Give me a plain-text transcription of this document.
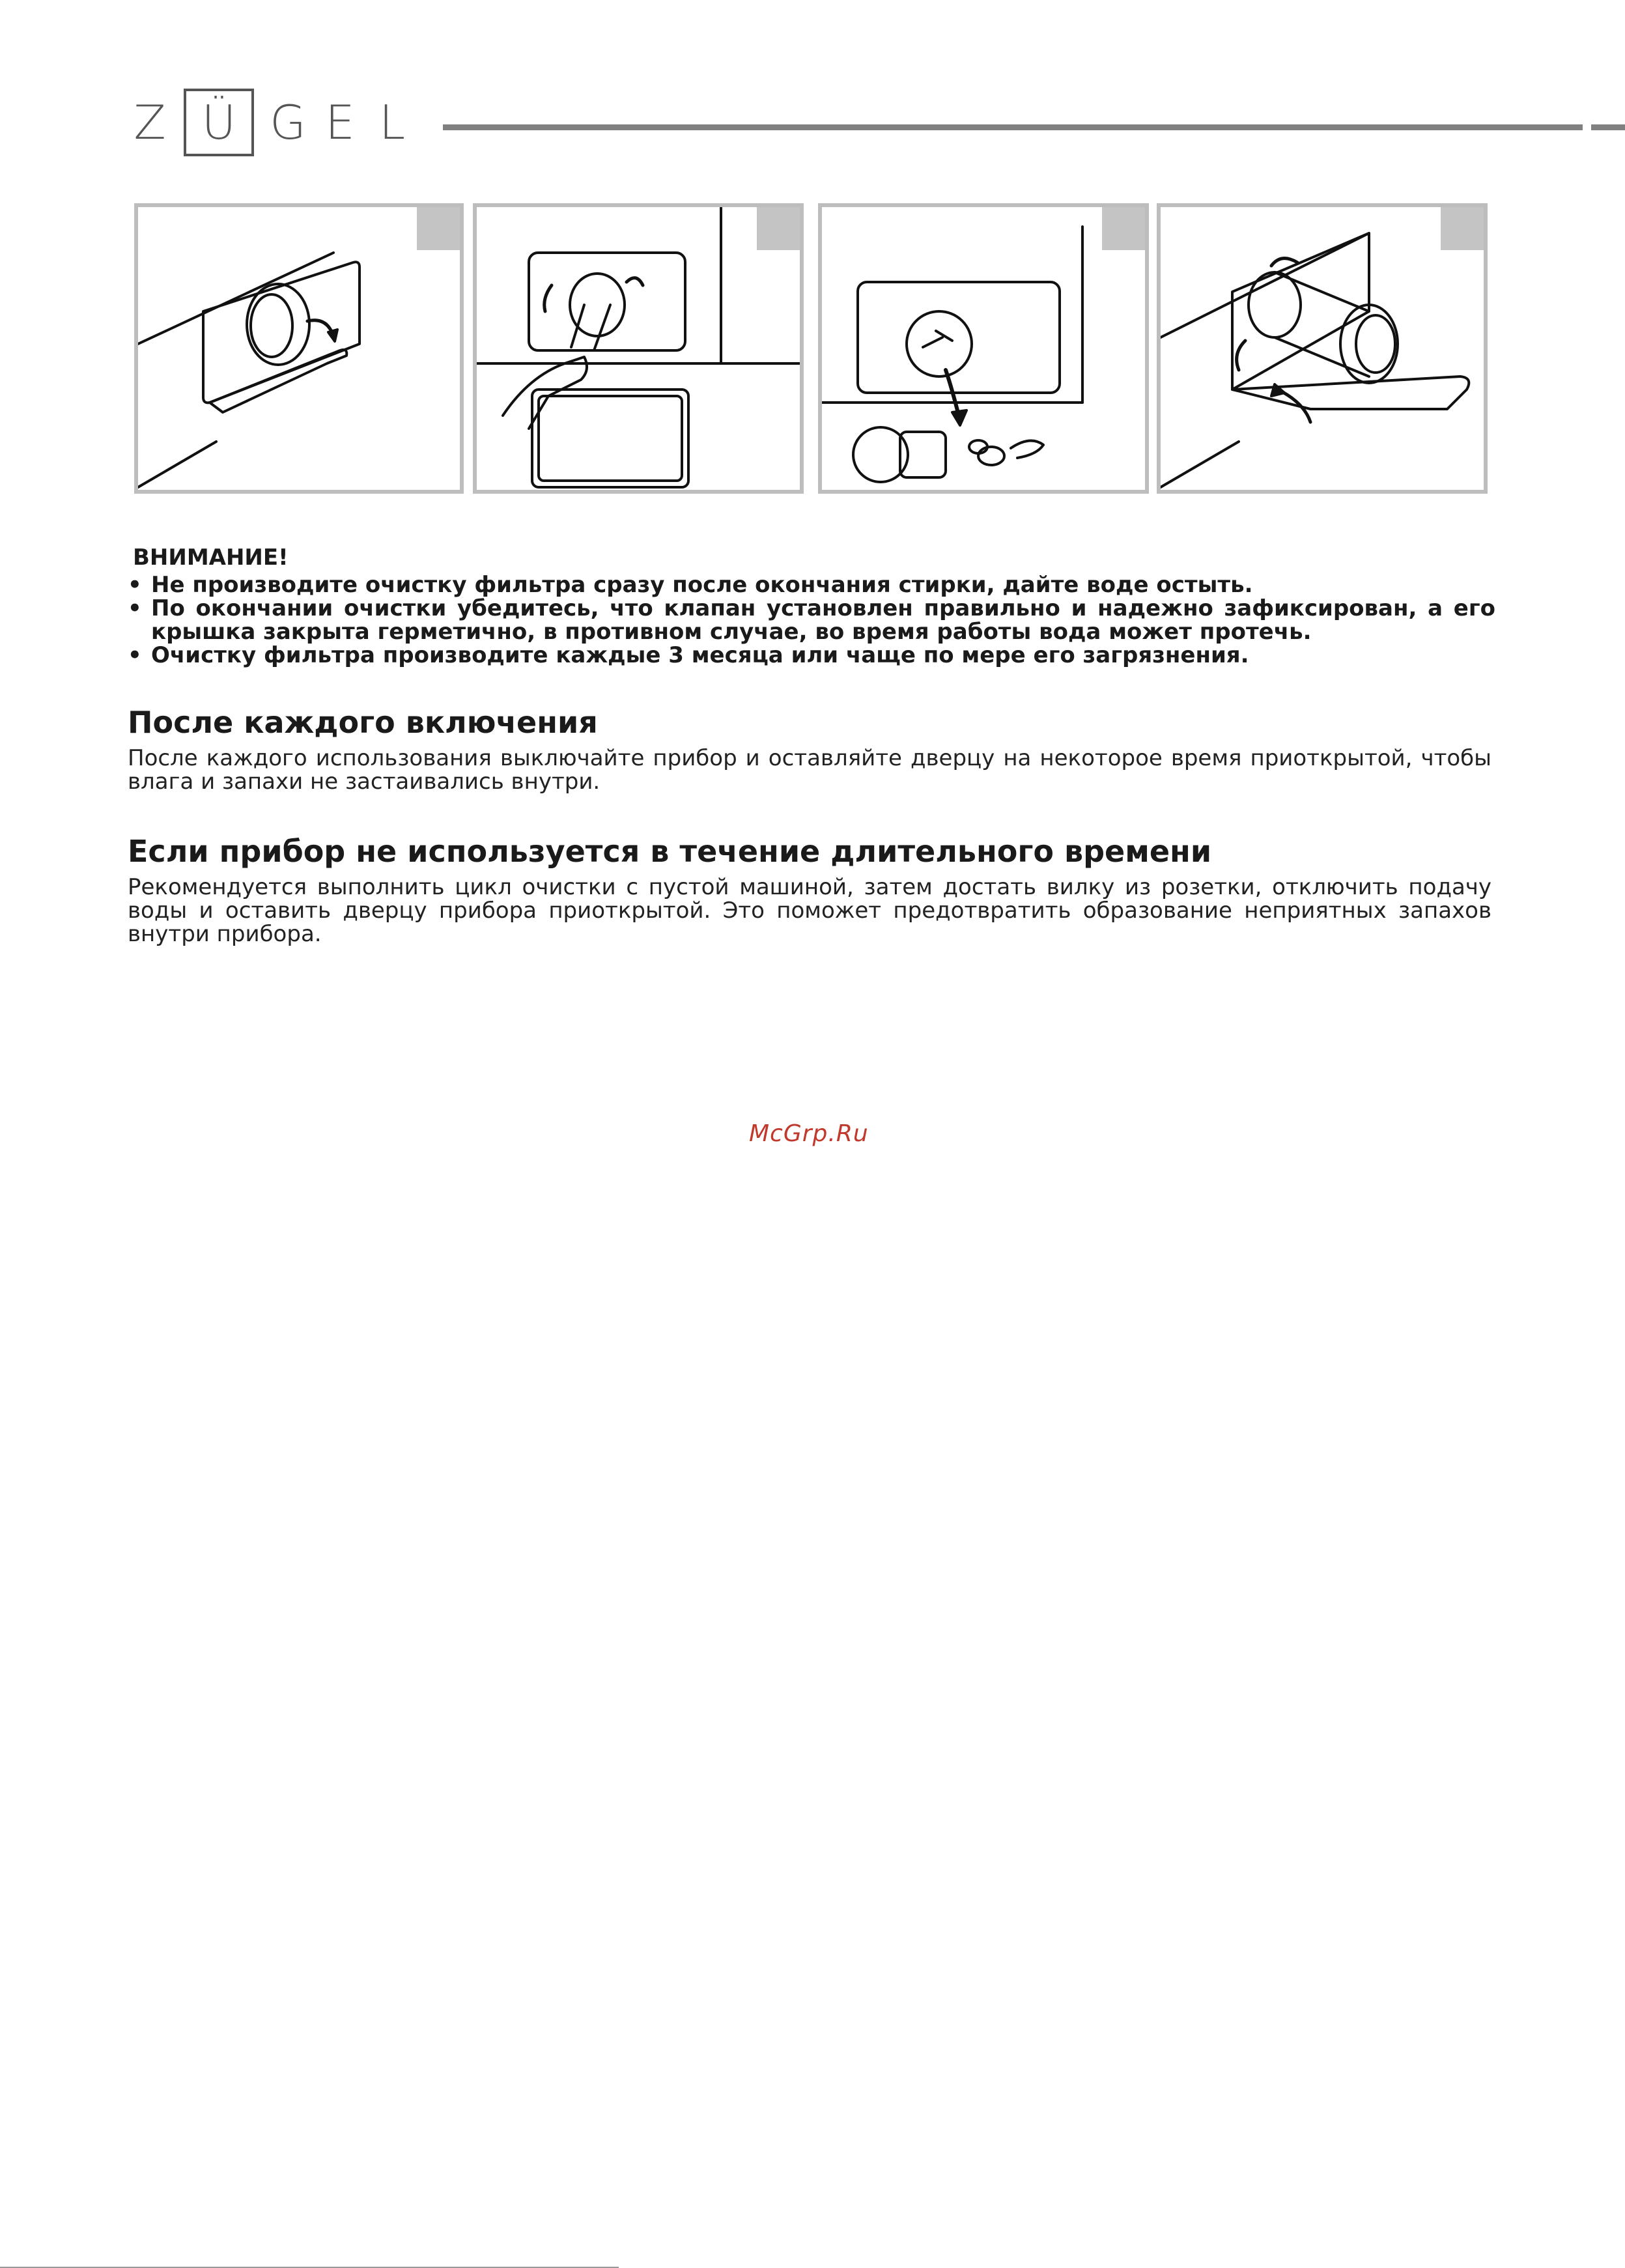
Z Ü G E L
ВНИМАНИЕ!
• Не производите очистку фильтра сразу после окончания стирки, дайте воде остыть.
• По окончании очистки убедитесь, что клапан установлен правильно и надежно зафиксирован, а его крышка закрыта герметично, в противном случае, во время работы вода может протечь.
• Очистку фильтра производите каждые 3 месяца или чаще по мере его загрязнения.
После каждого включения
После каждого использования выключайте прибор и оставляйте дверцу на некоторое время приоткрытой, чтобы влага и запахи не застаивались внутри.
Если прибор не используется в течение длительного времени
Рекомендуется выполнить цикл очистки с пустой машиной, затем достать вилку из розетки, отключить подачу воды и оставить дверцу прибора приоткрытой. Это поможет предотвратить образование неприятных запахов внутри прибора.
McGrp.Ru
